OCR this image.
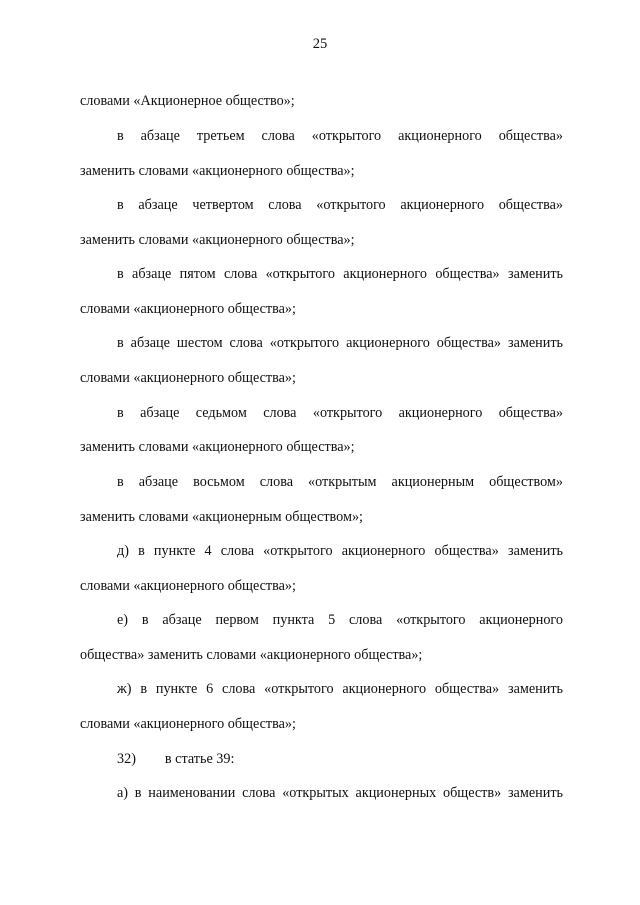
25
словами «Акционерное общество»;
в абзаце третьем слова «открытого акционерного общества»
заменить словами «акционерного общества»;
в абзаце четвертом слова «открытого акционерного общества»
заменить словами «акционерного общества»;
в абзаце пятом слова «открытого акционерного общества» заменить
словами «акционерного общества»;
в абзаце шестом слова «открытого акционерного общества» заменить
словами «акционерного общества»;
в абзаце седьмом слова «открытого акционерного общества»
заменить словами «акционерного общества»;
в абзаце восьмом слова «открытым акционерным обществом»
заменить словами «акционерным обществом»;
д) в пункте 4 слова «открытого акционерного общества» заменить
словами «акционерного общества»;
е) в абзаце первом пункта 5 слова «открытого акционерного
общества» заменить словами «акционерного общества»;
ж) в пункте 6 слова «открытого акционерного общества» заменить
словами «акционерного общества»;
32) в статье 39:
а) в наименовании слова «открытых акционерных обществ» заменить
